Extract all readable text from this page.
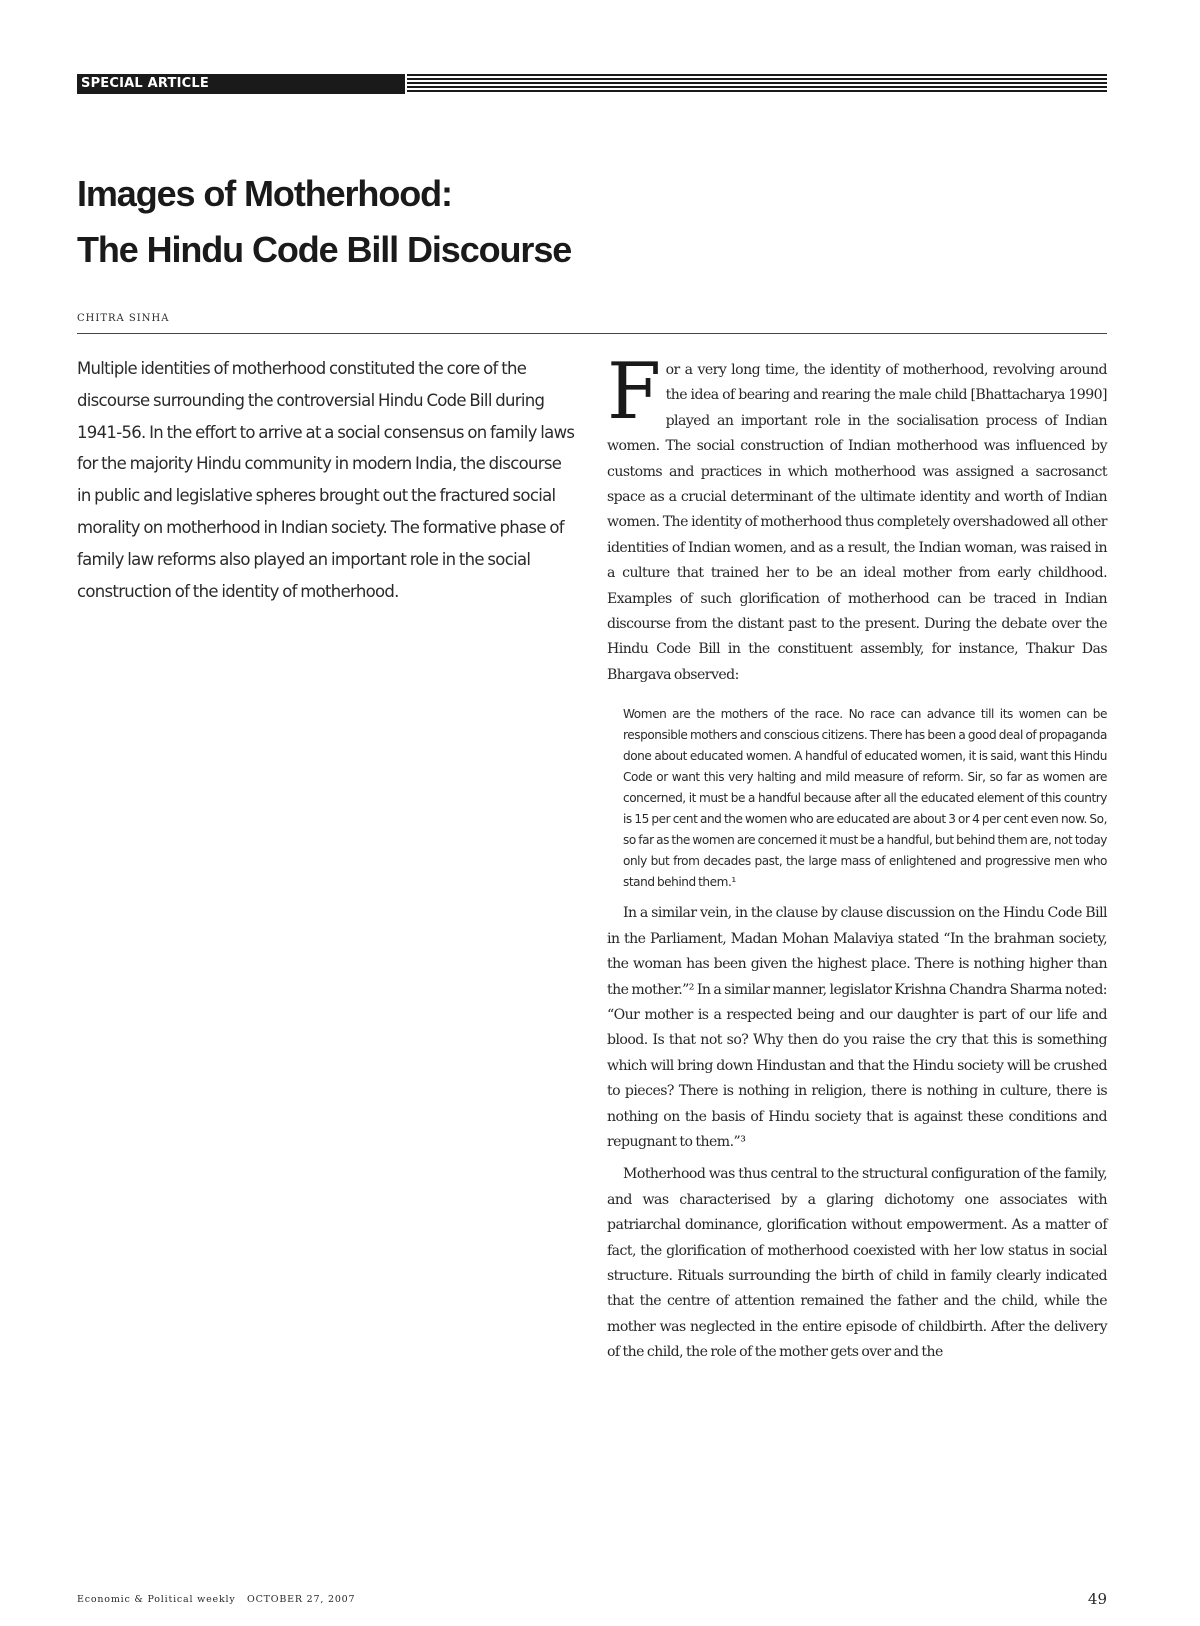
SPECIAL ARTICLE
Images of Motherhood:
The Hindu Code Bill Discourse
CHITRA SINHA

Multiple identities of motherhood constituted the core of the discourse surrounding the controversial Hindu Code Bill during 1941-56. In the effort to arrive at a social consensus on family laws for the majority Hindu community in modern India, the discourse in public and legislative spheres brought out the fractured social morality on motherhood in Indian society. The formative phase of family law reforms also played an important role in the social construction of the identity of motherhood.

For a very long time, the identity of motherhood, revolving around the idea of bearing and rearing the male child [Bhattacharya 1990] played an important role in the socialisation process of Indian women. The social construction of Indian motherhood was influenced by customs and practices in which motherhood was assigned a sacrosanct space as a crucial determinant of the ultimate identity and worth of Indian women. The identity of motherhood thus completely overshadowed all other identities of Indian women, and as a result, the Indian woman, was raised in a culture that trained her to be an ideal mother from early childhood. Examples of such glorification of motherhood can be traced in Indian discourse from the distant past to the present. During the debate over the Hindu Code Bill in the constituent assembly, for instance, Thakur Das Bhargava observed:

Women are the mothers of the race. No race can advance till its women can be responsible mothers and conscious citizens. There has been a good deal of propaganda done about educated women. A handful of educated women, it is said, want this Hindu Code or want this very halting and mild measure of reform. Sir, so far as women are concerned, it must be a handful because after all the educated element of this country is 15 per cent and the women who are educated are about 3 or 4 per cent even now. So, so far as the women are concerned it must be a handful, but behind them are, not today only but from decades past, the large mass of enlightened and progressive men who stand behind them.¹

In a similar vein, in the clause by clause discussion on the Hindu Code Bill in the Parliament, Madan Mohan Malaviya stated “In the brahman society, the woman has been given the highest place. There is nothing higher than the mother.”² In a similar manner, legislator Krishna Chandra Sharma noted: “Our mother is a respected being and our daughter is part of our life and blood. Is that not so? Why then do you raise the cry that this is something which will bring down Hindustan and that the Hindu society will be crushed to pieces? There is nothing in religion, there is nothing in culture, there is nothing on the basis of Hindu society that is against these conditions and repugnant to them.”³

Motherhood was thus central to the structural configuration of the family, and was characterised by a glaring dichotomy one associates with patriarchal dominance, glorification without empowerment. As a matter of fact, the glorification of motherhood coexisted with her low status in social structure. Rituals surrounding the birth of child in family clearly indicated that the centre of attention remained the father and the child, while the mother was neglected in the entire episode of childbirth. After the delivery of the child, the role of the mother gets over and the

Economic & Political weekly OCTOBER 27, 2007	49
